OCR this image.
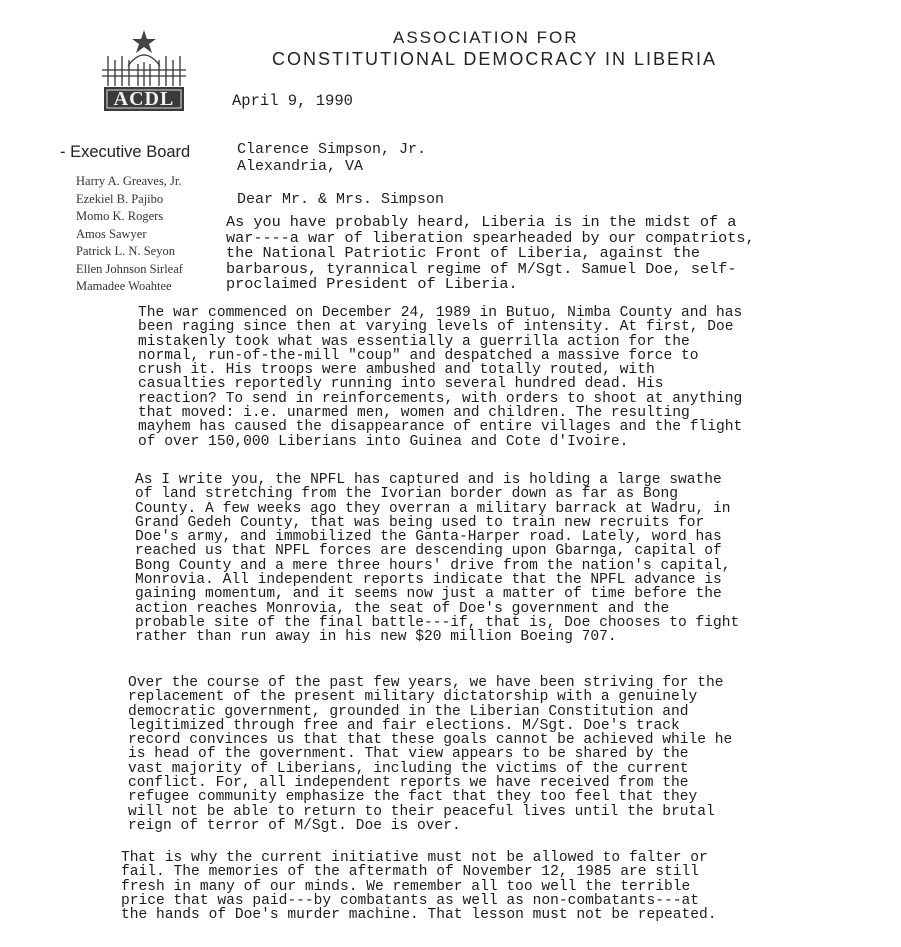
ACDL
ASSOCIATION FOR
CONSTITUTIONAL DEMOCRACY IN LIBERIA
April 9, 1990
- Executive Board
Harry A. Greaves, Jr.
Ezekiel B. Pajibo
Momo K. Rogers
Amos Sawyer
Patrick L. N. Seyon
Ellen Johnson Sirleaf
Mamadee Woahtee
Clarence Simpson, Jr.
Alexandria, VA
Dear Mr. & Mrs. Simpson
As you have probably heard, Liberia is in the midst of a
war----a war of liberation spearheaded by our compatriots,
the National Patriotic Front of Liberia, against the
barbarous, tyrannical regime of M/Sgt. Samuel Doe, self-
proclaimed President of Liberia.
The war commenced on December 24, 1989 in Butuo, Nimba County and has
been raging since then at varying levels of intensity. At first, Doe
mistakenly took what was essentially a guerrilla action for the
normal, run-of-the-mill "coup" and despatched a massive force to
crush it. His troops were ambushed and totally routed, with
casualties reportedly running into several hundred dead. His
reaction? To send in reinforcements, with orders to shoot at anything
that moved: i.e. unarmed men, women and children. The resulting
mayhem has caused the disappearance of entire villages and the flight
of over 150,000 Liberians into Guinea and Cote d'Ivoire.
As I write you, the NPFL has captured and is holding a large swathe
of land stretching from the Ivorian border down as far as Bong
County. A few weeks ago they overran a military barrack at Wadru, in
Grand Gedeh County, that was being used to train new recruits for
Doe's army, and immobilized the Ganta-Harper road. Lately, word has
reached us that NPFL forces are descending upon Gbarnga, capital of
Bong County and a mere three hours' drive from the nation's capital,
Monrovia. All independent reports indicate that the NPFL advance is
gaining momentum, and it seems now just a matter of time before the
action reaches Monrovia, the seat of Doe's government and the
probable site of the final battle---if, that is, Doe chooses to fight
rather than run away in his new $20 million Boeing 707.
Over the course of the past few years, we have been striving for the
replacement of the present military dictatorship with a genuinely
democratic government, grounded in the Liberian Constitution and
legitimized through free and fair elections. M/Sgt. Doe's track
record convinces us that that these goals cannot be achieved while he
is head of the government. That view appears to be shared by the
vast majority of Liberians, including the victims of the current
conflict. For, all independent reports we have received from the
refugee community emphasize the fact that they too feel that they
will not be able to return to their peaceful lives until the brutal
reign of terror of M/Sgt. Doe is over.
That is why the current initiative must not be allowed to falter or
fail. The memories of the aftermath of November 12, 1985 are still
fresh in many of our minds. We remember all too well the terrible
price that was paid---by combatants as well as non-combatants---at
the hands of Doe's murder machine. That lesson must not be repeated.
